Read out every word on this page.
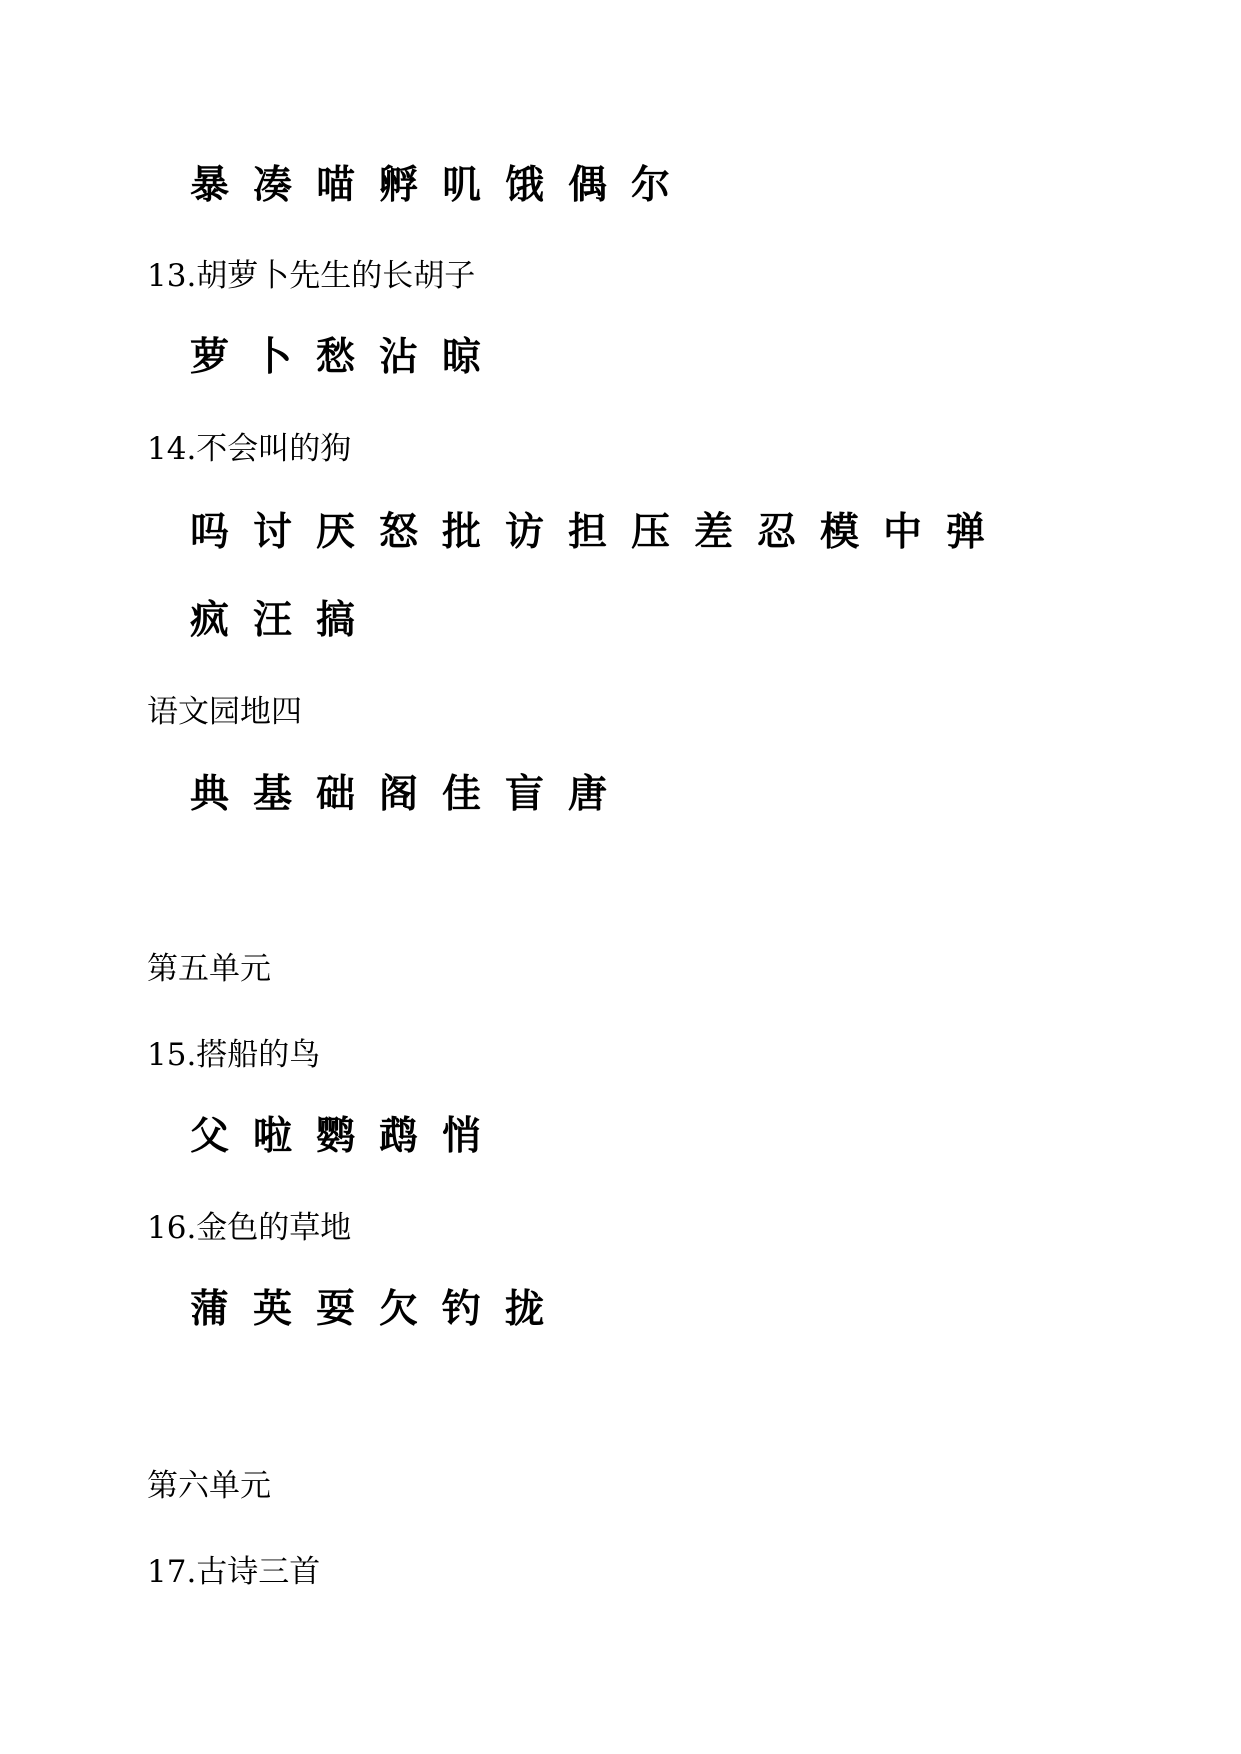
暴 凑 喵 孵 叽 饿 偶 尔
13.胡萝卜先生的长胡子
萝 卜 愁 沾 晾
14.不会叫的狗
吗 讨 厌 怒 批 访 担 压 差 忍 模 中 弹
疯 汪 搞
语文园地四
典 基 础 阁 佳 盲 唐
第五单元
15.搭船的鸟
父 啦 鹦 鹉 悄
16.金色的草地
蒲 英 耍 欠 钓 拢
第六单元
17.古诗三首
